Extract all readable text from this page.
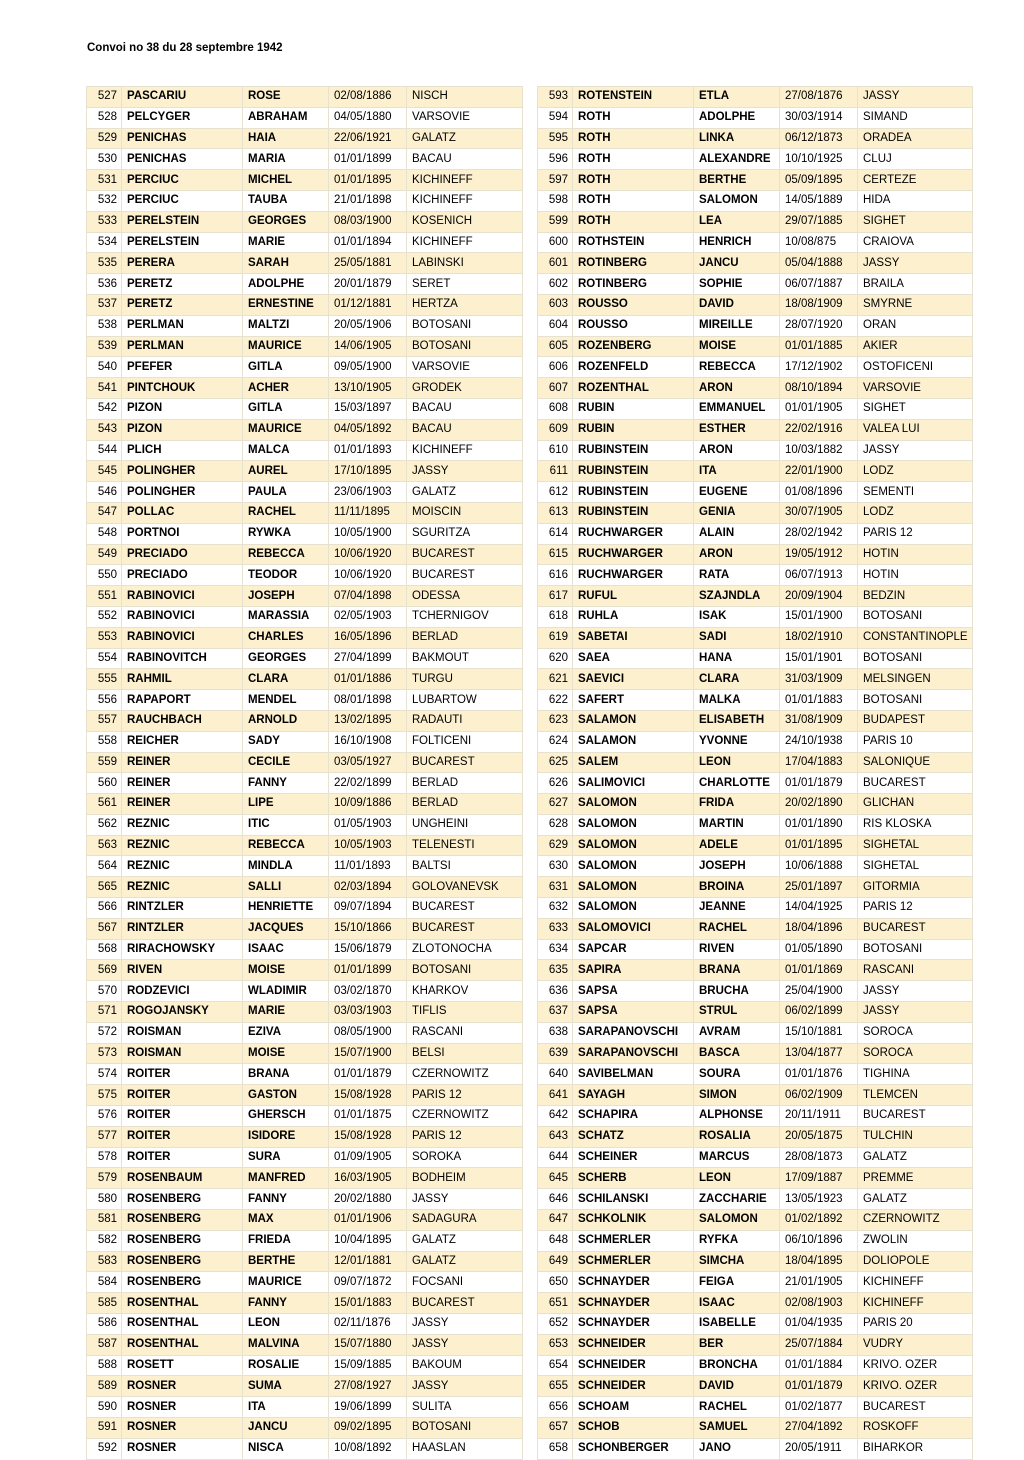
Convoi no 38 du 28 septembre 1942
527	PASCARIU	ROSE	02/08/1886	NISCH
528	PELCYGER	ABRAHAM	04/05/1880	VARSOVIE
529	PENICHAS	HAIA	22/06/1921	GALATZ
530	PENICHAS	MARIA	01/01/1899	BACAU
531	PERCIUC	MICHEL	01/01/1895	KICHINEFF
532	PERCIUC	TAUBA	21/01/1898	KICHINEFF
533	PERELSTEIN	GEORGES	08/03/1900	KOSENICH
534	PERELSTEIN	MARIE	01/01/1894	KICHINEFF
535	PERERA	SARAH	25/05/1881	LABINSKI
536	PERETZ	ADOLPHE	20/01/1879	SERET
537	PERETZ	ERNESTINE	01/12/1881	HERTZA
538	PERLMAN	MALTZI	20/05/1906	BOTOSANI
539	PERLMAN	MAURICE	14/06/1905	BOTOSANI
540	PFEFER	GITLA	09/05/1900	VARSOVIE
541	PINTCHOUK	ACHER	13/10/1905	GRODEK
542	PIZON	GITLA	15/03/1897	BACAU
543	PIZON	MAURICE	04/05/1892	BACAU
544	PLICH	MALCA	01/01/1893	KICHINEFF
545	POLINGHER	AUREL	17/10/1895	JASSY
546	POLINGHER	PAULA	23/06/1903	GALATZ
547	POLLAC	RACHEL	11/11/1895	MOISCIN
548	PORTNOI	RYWKA	10/05/1900	SGURITZA
549	PRECIADO	REBECCA	10/06/1920	BUCAREST
550	PRECIADO	TEODOR	10/06/1920	BUCAREST
551	RABINOVICI	JOSEPH	07/04/1898	ODESSA
552	RABINOVICI	MARASSIA	02/05/1903	TCHERNIGOV
553	RABINOVICI	CHARLES	16/05/1896	BERLAD
554	RABINOVITCH	GEORGES	27/04/1899	BAKMOUT
555	RAHMIL	CLARA	01/01/1886	TURGU
556	RAPAPORT	MENDEL	08/01/1898	LUBARTOW
557	RAUCHBACH	ARNOLD	13/02/1895	RADAUTI
558	REICHER	SADY	16/10/1908	FOLTICENI
559	REINER	CECILE	03/05/1927	BUCAREST
560	REINER	FANNY	22/02/1899	BERLAD
561	REINER	LIPE	10/09/1886	BERLAD
562	REZNIC	ITIC	01/05/1903	UNGHEINI
563	REZNIC	REBECCA	10/05/1903	TELENESTI
564	REZNIC	MINDLA	11/01/1893	BALTSI
565	REZNIC	SALLI	02/03/1894	GOLOVANEVSK
566	RINTZLER	HENRIETTE	09/07/1894	BUCAREST
567	RINTZLER	JACQUES	15/10/1866	BUCAREST
568	RIRACHOWSKY	ISAAC	15/06/1879	ZLOTONOCHA
569	RIVEN	MOISE	01/01/1899	BOTOSANI
570	RODZEVICI	WLADIMIR	03/02/1870	KHARKOV
571	ROGOJANSKY	MARIE	03/03/1903	TIFLIS
572	ROISMAN	EZIVA	08/05/1900	RASCANI
573	ROISMAN	MOISE	15/07/1900	BELSI
574	ROITER	BRANA	01/01/1879	CZERNOWITZ
575	ROITER	GASTON	15/08/1928	PARIS 12
576	ROITER	GHERSCH	01/01/1875	CZERNOWITZ
577	ROITER	ISIDORE	15/08/1928	PARIS 12
578	ROITER	SURA	01/09/1905	SOROKA
579	ROSENBAUM	MANFRED	16/03/1905	BODHEIM
580	ROSENBERG	FANNY	20/02/1880	JASSY
581	ROSENBERG	MAX	01/01/1906	SADAGURA
582	ROSENBERG	FRIEDA	10/04/1895	GALATZ
583	ROSENBERG	BERTHE	12/01/1881	GALATZ
584	ROSENBERG	MAURICE	09/07/1872	FOCSANI
585	ROSENTHAL	FANNY	15/01/1883	BUCAREST
586	ROSENTHAL	LEON	02/11/1876	JASSY
587	ROSENTHAL	MALVINA	15/07/1880	JASSY
588	ROSETT	ROSALIE	15/09/1885	BAKOUM
589	ROSNER	SUMA	27/08/1927	JASSY
590	ROSNER	ITA	19/06/1899	SULITA
591	ROSNER	JANCU	09/02/1895	BOTOSANI
592	ROSNER	NISCA	10/08/1892	HAASLAN
593	ROTENSTEIN	ETLA	27/08/1876	JASSY
594	ROTH	ADOLPHE	30/03/1914	SIMAND
595	ROTH	LINKA	06/12/1873	ORADEA
596	ROTH	ALEXANDRE	10/10/1925	CLUJ
597	ROTH	BERTHE	05/09/1895	CERTEZE
598	ROTH	SALOMON	14/05/1889	HIDA
599	ROTH	LEA	29/07/1885	SIGHET
600	ROTHSTEIN	HENRICH	10/08/875	CRAIOVA
601	ROTINBERG	JANCU	05/04/1888	JASSY
602	ROTINBERG	SOPHIE	06/07/1887	BRAILA
603	ROUSSO	DAVID	18/08/1909	SMYRNE
604	ROUSSO	MIREILLE	28/07/1920	ORAN
605	ROZENBERG	MOISE	01/01/1885	AKIER
606	ROZENFELD	REBECCA	17/12/1902	OSTOFICENI
607	ROZENTHAL	ARON	08/10/1894	VARSOVIE
608	RUBIN	EMMANUEL	01/01/1905	SIGHET
609	RUBIN	ESTHER	22/02/1916	VALEA LUI
610	RUBINSTEIN	ARON	10/03/1882	JASSY
611	RUBINSTEIN	ITA	22/01/1900	LODZ
612	RUBINSTEIN	EUGENE	01/08/1896	SEMENTI
613	RUBINSTEIN	GENIA	30/07/1905	LODZ
614	RUCHWARGER	ALAIN	28/02/1942	PARIS 12
615	RUCHWARGER	ARON	19/05/1912	HOTIN
616	RUCHWARGER	RATA	06/07/1913	HOTIN
617	RUFUL	SZAJNDLA	20/09/1904	BEDZIN
618	RUHLA	ISAK	15/01/1900	BOTOSANI
619	SABETAI	SADI	18/02/1910	CONSTANTINOPLE
620	SAEA	HANA	15/01/1901	BOTOSANI
621	SAEVICI	CLARA	31/03/1909	MELSINGEN
622	SAFERT	MALKA	01/01/1883	BOTOSANI
623	SALAMON	ELISABETH	31/08/1909	BUDAPEST
624	SALAMON	YVONNE	24/10/1938	PARIS 10
625	SALEM	LEON	17/04/1883	SALONIQUE
626	SALIMOVICI	CHARLOTTE	01/01/1879	BUCAREST
627	SALOMON	FRIDA	20/02/1890	GLICHAN
628	SALOMON	MARTIN	01/01/1890	RIS KLOSKA
629	SALOMON	ADELE	01/01/1895	SIGHETAL
630	SALOMON	JOSEPH	10/06/1888	SIGHETAL
631	SALOMON	BROINA	25/01/1897	GITORMIA
632	SALOMON	JEANNE	14/04/1925	PARIS 12
633	SALOMOVICI	RACHEL	18/04/1896	BUCAREST
634	SAPCAR	RIVEN	01/05/1890	BOTOSANI
635	SAPIRA	BRANA	01/01/1869	RASCANI
636	SAPSA	BRUCHA	25/04/1900	JASSY
637	SAPSA	STRUL	06/02/1899	JASSY
638	SARAPANOVSCHI	AVRAM	15/10/1881	SOROCA
639	SARAPANOVSCHI	BASCA	13/04/1877	SOROCA
640	SAVIBELMAN	SOURA	01/01/1876	TIGHINA
641	SAYAGH	SIMON	06/02/1909	TLEMCEN
642	SCHAPIRA	ALPHONSE	20/11/1911	BUCAREST
643	SCHATZ	ROSALIA	20/05/1875	TULCHIN
644	SCHEINER	MARCUS	28/08/1873	GALATZ
645	SCHERB	LEON	17/09/1887	PREMME
646	SCHILANSKI	ZACCHARIE	13/05/1923	GALATZ
647	SCHKOLNIK	SALOMON	01/02/1892	CZERNOWITZ
648	SCHMERLER	RYFKA	06/10/1896	ZWOLIN
649	SCHMERLER	SIMCHA	18/04/1895	DOLIOPOLE
650	SCHNAYDER	FEIGA	21/01/1905	KICHINEFF
651	SCHNAYDER	ISAAC	02/08/1903	KICHINEFF
652	SCHNAYDER	ISABELLE	01/04/1935	PARIS 20
653	SCHNEIDER	BER	25/07/1884	VUDRY
654	SCHNEIDER	BRONCHA	01/01/1884	KRIVO. OZER
655	SCHNEIDER	DAVID	01/01/1879	KRIVO. OZER
656	SCHOAM	RACHEL	01/02/1877	BUCAREST
657	SCHOB	SAMUEL	27/04/1892	ROSKOFF
658	SCHONBERGER	JANO	20/05/1911	BIHARKOR
